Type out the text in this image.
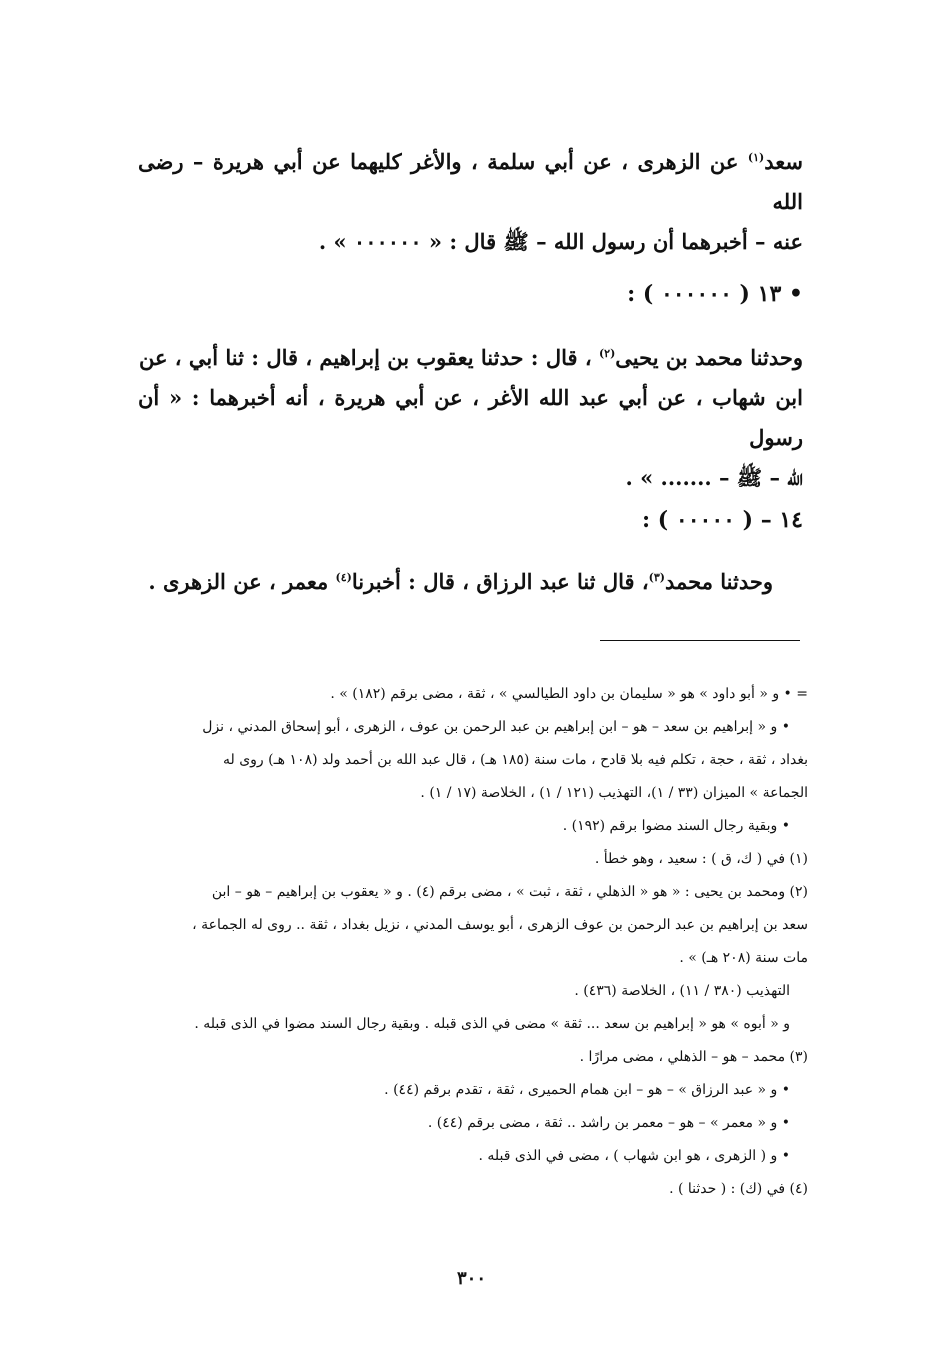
سعد$^{(١)}$ عن الزهرى ، عن أبي سلمة ، والأغر كليهما عن أبي هريرة – رضى الله
عنه – أخبرهما أن رسول الله – ﷺ قال : « ۰۰۰۰۰۰ » .
• ١٣ ( ۰۰۰۰۰۰ ) :
وحدثنا محمد بن يحيى$^{(٢)}$ ، قال : حدثنا يعقوب بن إبراهيم ، قال : ثنا أبي ، عن
ابن شهاب ، عن أبي عبد الله الأغر ، عن أبي هريرة ، أنه أخبرهما : « أن رسول
الله – ﷺ – ....... » .
١٤ – ( ۰۰۰۰۰ ) :
وحدثنا محمد$^{(٣)}$، قال ثنا عبد الرزاق ، قال : أخبرنا$^{(٤)}$ معمر ، عن الزهرى .
= • و « أبو داود » هو « سليمان بن داود الطيالسي » ، ثقة ، مضى برقم (١٨٢) » .
• و « إبراهيم بن سعد – هو – ابن إبراهيم بن عبد الرحمن بن عوف ، الزهرى ، أبو إسحاق المدني ، نزل
بغداد ، ثقة ، حجة ، تكلم فيه بلا قادح ، مات سنة (١٨٥ هـ) ، قال عبد الله بن أحمد ولد (١٠٨ هـ) روى له
الجماعة » الميزان (٣٣ / ١)، التهذيب (١٢١ / ١) ، الخلاصة (١٧ / ١) .
• وبقية رجال السند مضوا برقم (١٩٢) .
(١) في ( ك، ق ) : سعيد ، وهو خطأ .
(٢) ومحمد بن يحيى : « هو « الذهلي ، ثقة ، ثبت » ، مضى برقم (٤) . و « يعقوب بن إبراهيم – هو – ابن
سعد بن إبراهيم بن عبد الرحمن بن عوف الزهرى ، أبو يوسف المدني ، نزيل بغداد ، ثقة .. روى له الجماعة ،
مات سنة (٢٠٨ هـ) » .
التهذيب (٣٨٠ / ١١) ، الخلاصة (٤٣٦) .
و « أبوه » هو « إبراهيم بن سعد ... ثقة » مضى في الذى قبله . وبقية رجال السند مضوا في الذى قبله .
(٣) محمد – هو – الذهلي ، مضى مرارًا .
• و « عبد الرزاق » – هو – ابن همام الحميرى ، ثقة ، تقدم برقم (٤٤) .
• و « معمر » – هو – معمر بن راشد .. ثقة ، مضى برقم (٤٤) .
• و ( الزهرى ، هو ابن شهاب ) ، مضى في الذى قبله .
(٤) في (ك) : ( حدثنا ) .
٣٠٠
